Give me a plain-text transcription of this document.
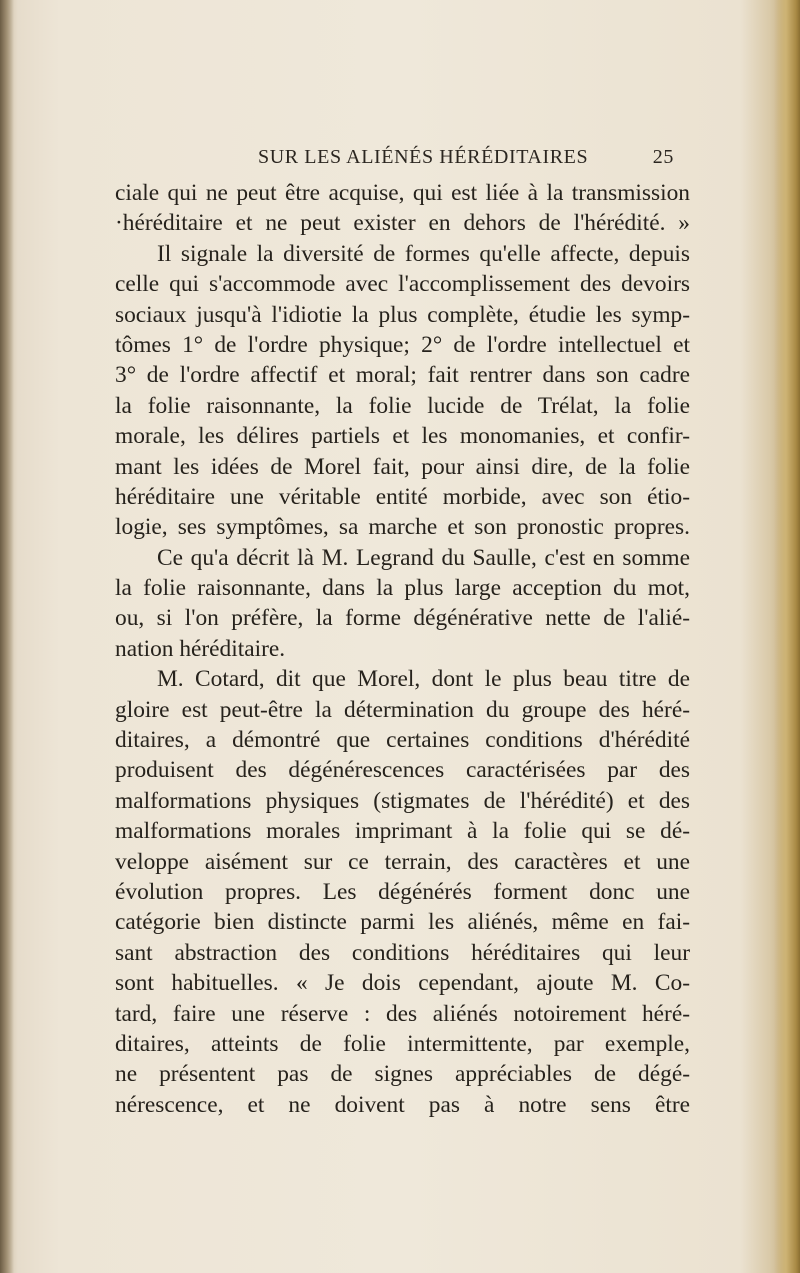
SUR LES ALIÉNÉS HÉRÉDITAIRES	25
ciale qui ne peut être acquise, qui est liée à la transmission
·héréditaire et ne peut exister en dehors de l'hérédité. »
Il signale la diversité de formes qu'elle affecte, depuis
celle qui s'accommode avec l'accomplissement des devoirs
sociaux jusqu'à l'idiotie la plus complète, étudie les symp-
tômes 1° de l'ordre physique; 2° de l'ordre intellectuel et
3° de l'ordre affectif et moral; fait rentrer dans son cadre
la folie raisonnante, la folie lucide de Trélat, la folie
morale, les délires partiels et les monomanies, et confir-
mant les idées de Morel fait, pour ainsi dire, de la folie
héréditaire une véritable entité morbide, avec son étio-
logie, ses symptômes, sa marche et son pronostic propres.
Ce qu'a décrit là M. Legrand du Saulle, c'est en somme
la folie raisonnante, dans la plus large acception du mot,
ou, si l'on préfère, la forme dégénérative nette de l'alié-
nation héréditaire.
M. Cotard, dit que Morel, dont le plus beau titre de
gloire est peut-être la détermination du groupe des héré-
ditaires, a démontré que certaines conditions d'hérédité
produisent des dégénérescences caractérisées par des
malformations physiques (stigmates de l'hérédité) et des
malformations morales imprimant à la folie qui se dé-
veloppe aisément sur ce terrain, des caractères et une
évolution propres. Les dégénérés forment donc une
catégorie bien distincte parmi les aliénés, même en fai-
sant abstraction des conditions héréditaires qui leur
sont habituelles. « Je dois cependant, ajoute M. Co-
tard, faire une réserve : des aliénés notoirement héré-
ditaires, atteints de folie intermittente, par exemple,
ne présentent pas de signes appréciables de dégé-
nérescence, et ne doivent pas à notre sens être
